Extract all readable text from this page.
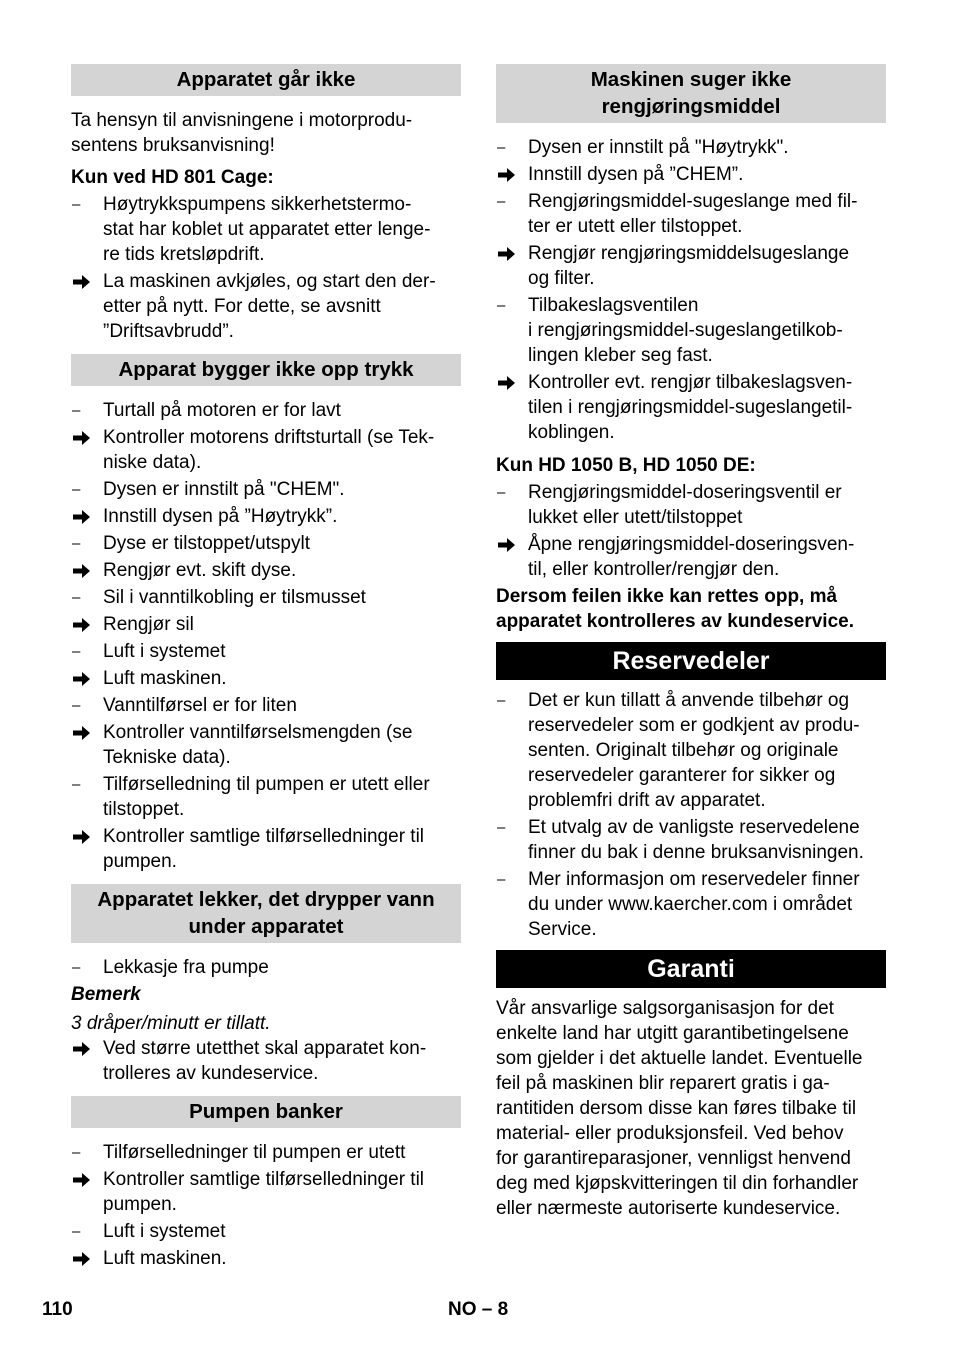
Apparatet går ikke
Ta hensyn til anvisningene i motorprodu-
sentens bruksanvisning!
Kun ved HD 801 Cage:
–	Høytrykkspumpens sikkerhetstermo-
stat har koblet ut apparatet etter lenge-
re tids kretsløpdrift.
La maskinen avkjøles, og start den der-
etter på nytt. For dette, se avsnitt
”Driftsavbrudd”.
Apparat bygger ikke opp trykk
–	Turtall på motoren er for lavt
Kontroller motorens driftsturtall (se Tek-
niske data).
–	Dysen er innstilt på "CHEM".
Innstill dysen på ”Høytrykk”.
–	Dyse er tilstoppet/utspylt
Rengjør evt. skift dyse.
–	Sil i vanntilkobling er tilsmusset
Rengjør sil
–	Luft i systemet
Luft maskinen.
–	Vanntilførsel er for liten
Kontroller vanntilførselsmengden (se
Tekniske data).
–	Tilførselledning til pumpen er utett eller
tilstoppet.
Kontroller samtlige tilførselledninger til
pumpen.
Apparatet lekker, det drypper vann
under apparatet
–	Lekkasje fra pumpe
Bemerk
3 dråper/minutt er tillatt.
Ved større utetthet skal apparatet kon-
trolleres av kundeservice.
Pumpen banker
–	Tilførselledninger til pumpen er utett
Kontroller samtlige tilførselledninger til
pumpen.
–	Luft i systemet
Luft maskinen.
Maskinen suger ikke
rengjøringsmiddel
–	Dysen er innstilt på "Høytrykk".
Innstill dysen på ”CHEM”.
–	Rengjøringsmiddel-sugeslange med fil-
ter er utett eller tilstoppet.
Rengjør rengjøringsmiddelsugeslange
og filter.
–	Tilbakeslagsventilen
i rengjøringsmiddel-sugeslangetilkob-
lingen kleber seg fast.
Kontroller evt. rengjør tilbakeslagsven-
tilen i rengjøringsmiddel-sugeslangetil-
koblingen.
Kun HD 1050 B, HD 1050 DE:
–	Rengjøringsmiddel-doseringsventil er
lukket eller utett/tilstoppet
Åpne rengjøringsmiddel-doseringsven-
til, eller kontroller/rengjør den.
Dersom feilen ikke kan rettes opp, må
apparatet kontrolleres av kundeservice.
Reservedeler
–	Det er kun tillatt å anvende tilbehør og
reservedeler som er godkjent av produ-
senten. Originalt tilbehør og originale
reservedeler garanterer for sikker og
problemfri drift av apparatet.
–	Et utvalg av de vanligste reservedelene
finner du bak i denne bruksanvisningen.
–	Mer informasjon om reservedeler finner
du under www.kaercher.com i området
Service.
Garanti
Vår ansvarlige salgsorganisasjon for det
enkelte land har utgitt garantibetingelsene
som gjelder i det aktuelle landet. Eventuelle
feil på maskinen blir reparert gratis i ga-
rantitiden dersom disse kan føres tilbake til
material- eller produksjonsfeil. Ved behov
for garantireparasjoner, vennligst henvend
deg med kjøpskvitteringen til din forhandler
eller nærmeste autoriserte kundeservice.
110	NO – 8
